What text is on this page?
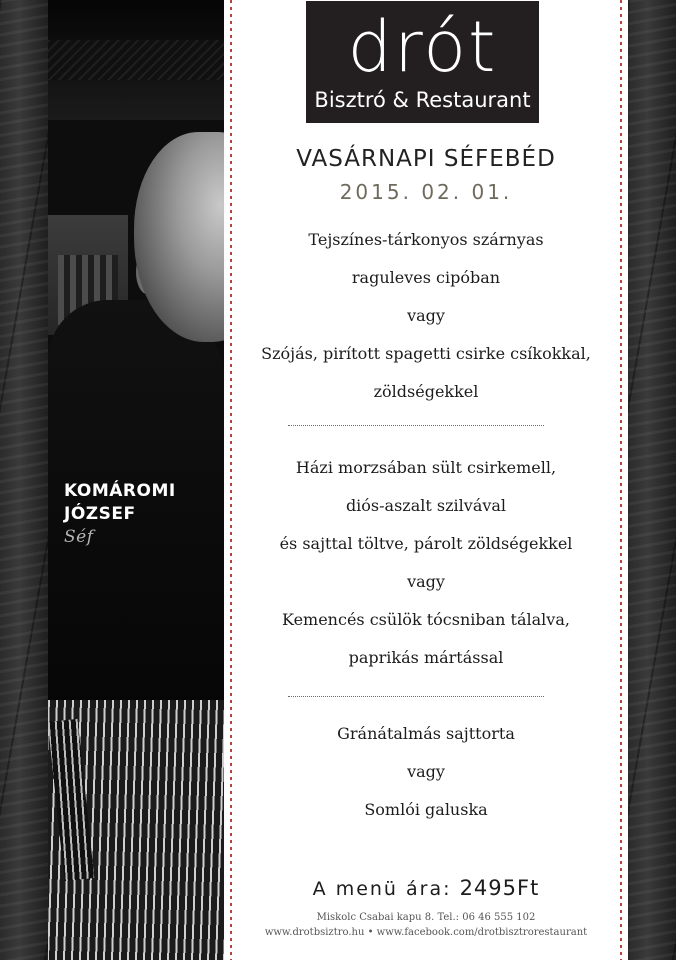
KOMÁROMI
JÓZSEF
Séf
drót
Bisztró & Restaurant
VASÁRNAPI SÉFEBÉD
2015. 02. 01.
Tejszínes-tárkonyos szárnyas
raguleves cipóban
vagy
Szójás, pirított spagetti csirke csíkokkal,
zöldségekkel
Házi morzsában sült csirkemell,
diós-aszalt szilvával
és sajttal töltve, párolt zöldségekkel
vagy
Kemencés csülök tócsniban tálalva,
paprikás mártással
Gránátalmás sajttorta
vagy
Somlói galuska
A menü ára: 2495Ft
Miskolc Csabai kapu 8. Tel.: 06 46 555 102
www.drotbsiztro.hu • www.facebook.com/drotbisztrorestaurant
